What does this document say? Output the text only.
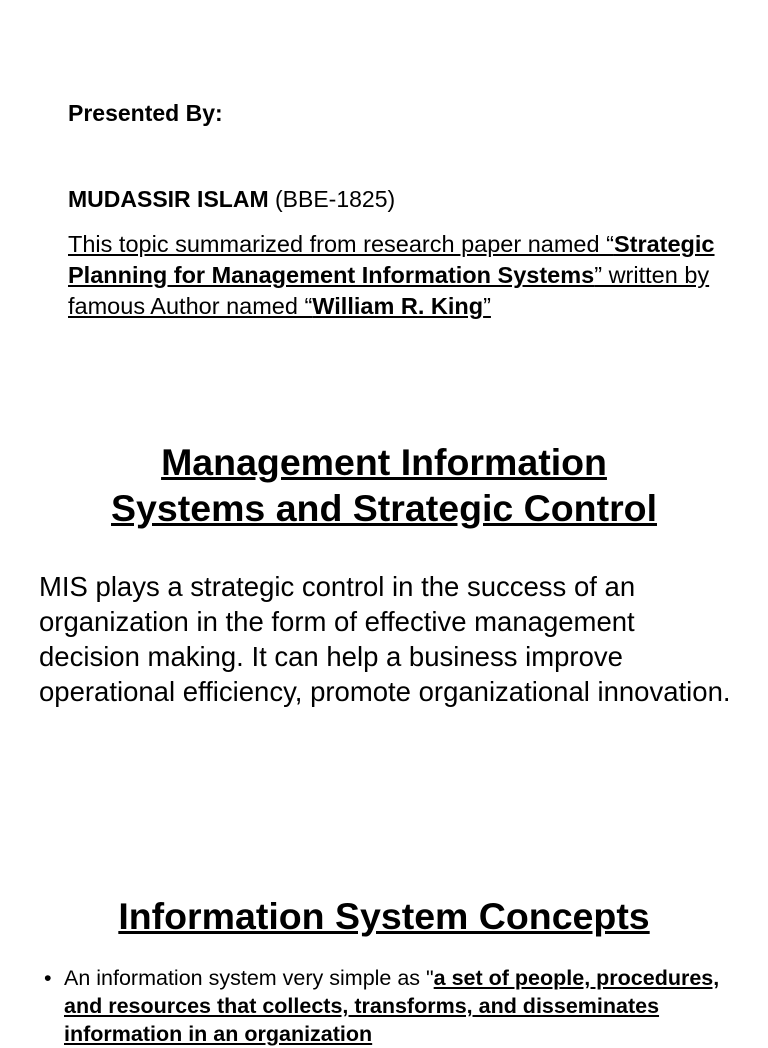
Presented By:
MUDASSIR ISLAM (BBE-1825)
This topic summarized from research paper named “Strategic Planning for Management Information Systems” written by famous Author named “William R. King”
Management Information
Systems and Strategic Control
MIS plays a strategic control in the success of an organization in the form of effective management decision making. It can help a business improve operational efficiency, promote organizational innovation.
Information System Concepts
• An information system very simple as "a set of people, procedures, and resources that collects, transforms, and disseminates information in an organization
